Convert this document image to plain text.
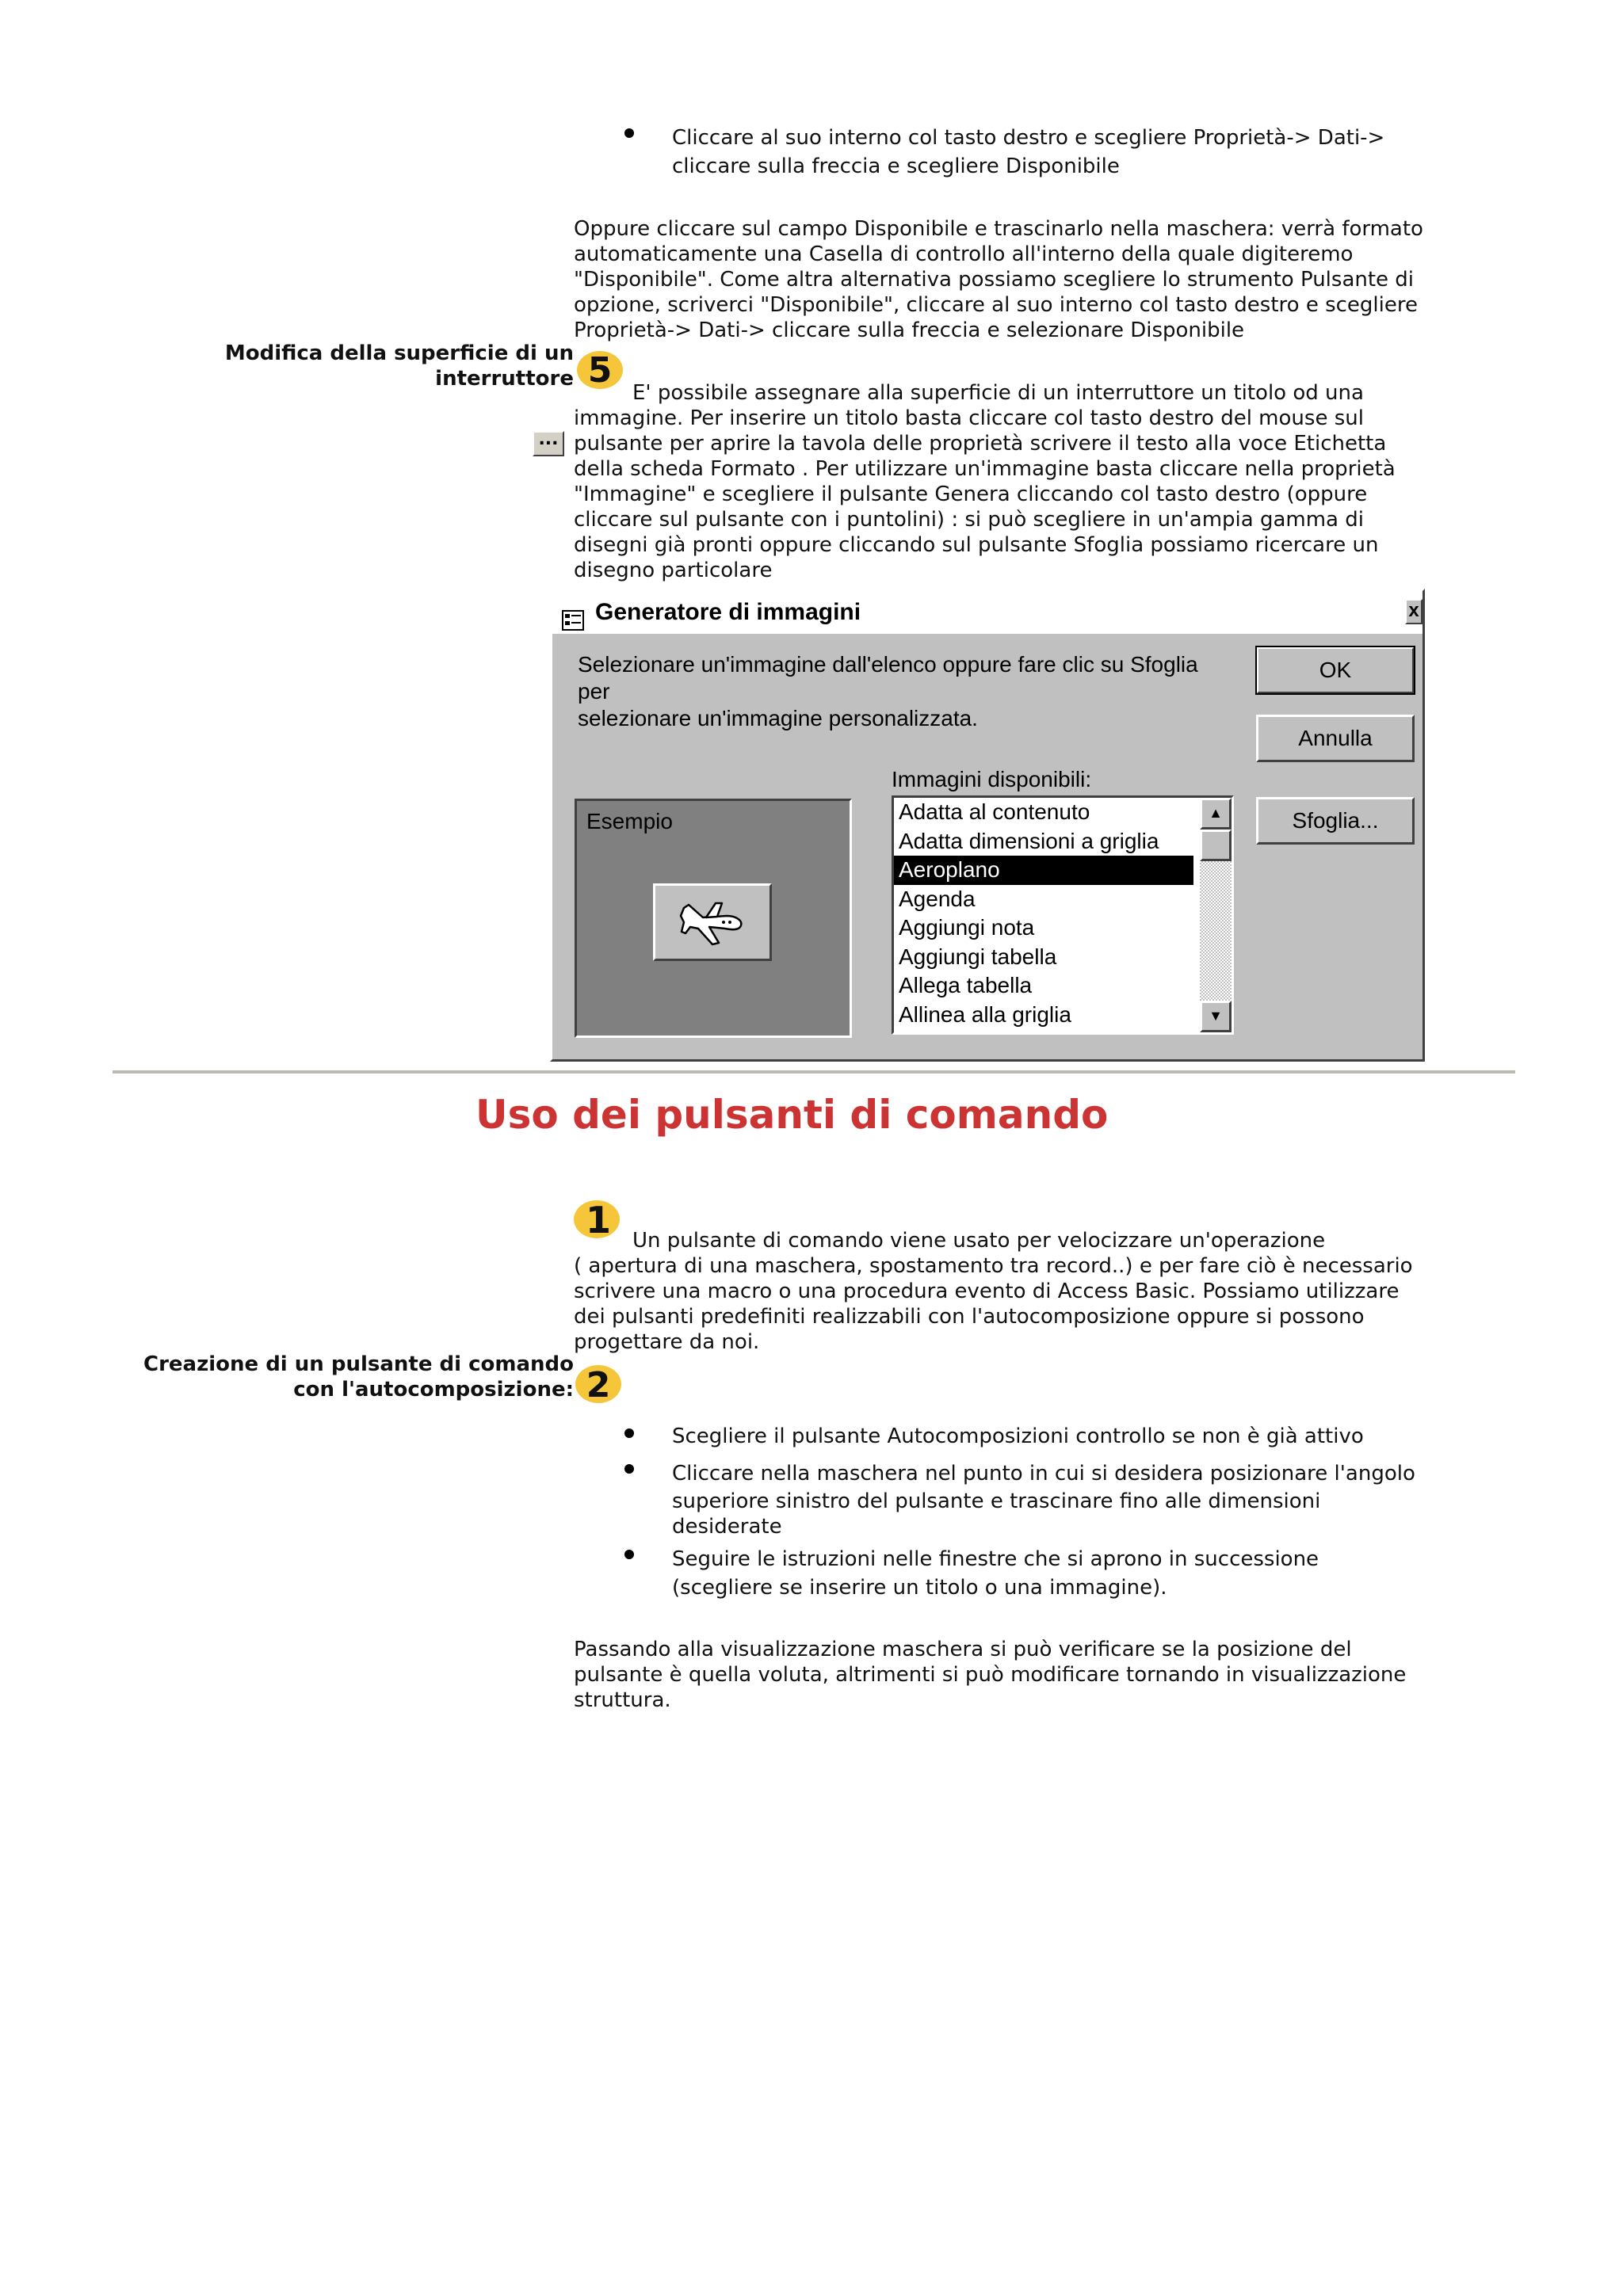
Cliccare al suo interno col tasto destro e scegliere Proprietà-> Dati->
cliccare sulla freccia e scegliere Disponibile
Oppure cliccare sul campo Disponibile e trascinarlo nella maschera: verrà formato
automaticamente una Casella di controllo all'interno della quale digiteremo
"Disponibile". Come altra alternativa possiamo scegliere lo strumento Pulsante di
opzione, scriverci "Disponibile", cliccare al suo interno col tasto destro e scegliere
Proprietà-> Dati-> cliccare sulla freccia e selezionare Disponibile
Modifica della superficie di un
interruttore 5
...
E' possibile assegnare alla superficie di un interruttore un titolo od una
immagine. Per inserire un titolo basta cliccare col tasto destro del mouse sul
pulsante per aprire la tavola delle proprietà scrivere il testo alla voce Etichetta
della scheda Formato . Per utilizzare un'immagine basta cliccare nella proprietà
"Immagine" e scegliere il pulsante Genera cliccando col tasto destro (oppure
cliccare sul pulsante con i puntolini) : si può scegliere in un'ampia gamma di
disegni già pronti oppure cliccando sul pulsante Sfoglia possiamo ricercare un
disegno particolare
Generatore di immagini	x
Selezionare un'immagine dall'elenco oppure fare clic su Sfoglia per
selezionare un'immagine personalizzata.
OK
Annulla
Sfoglia...
Esempio
Immagini disponibili:
Adatta al contenuto
Adatta dimensioni a griglia
Aeroplano
Agenda
Aggiungi nota
Aggiungi tabella
Allega tabella
Allinea alla griglia
▲
▼
Uso dei pulsanti di comando
1	Un pulsante di comando viene usato per velocizzare un'operazione
( apertura di una maschera, spostamento tra record..) e per fare ciò è necessario
scrivere una macro o una procedura evento di Access Basic. Possiamo utilizzare
dei pulsanti predefiniti realizzabili con l'autocomposizione oppure si possono
progettare da noi.
Creazione di un pulsante di comando
con l'autocomposizione: 2
Scegliere il pulsante Autocomposizioni controllo se non è già attivo
Cliccare nella maschera nel punto in cui si desidera posizionare l'angolo
superiore sinistro del pulsante e trascinare fino alle dimensioni
desiderate
Seguire le istruzioni nelle finestre che si aprono in successione
(scegliere se inserire un titolo o una immagine).
Passando alla visualizzazione maschera si può verificare se la posizione del
pulsante è quella voluta, altrimenti si può modificare tornando in visualizzazione
struttura.
